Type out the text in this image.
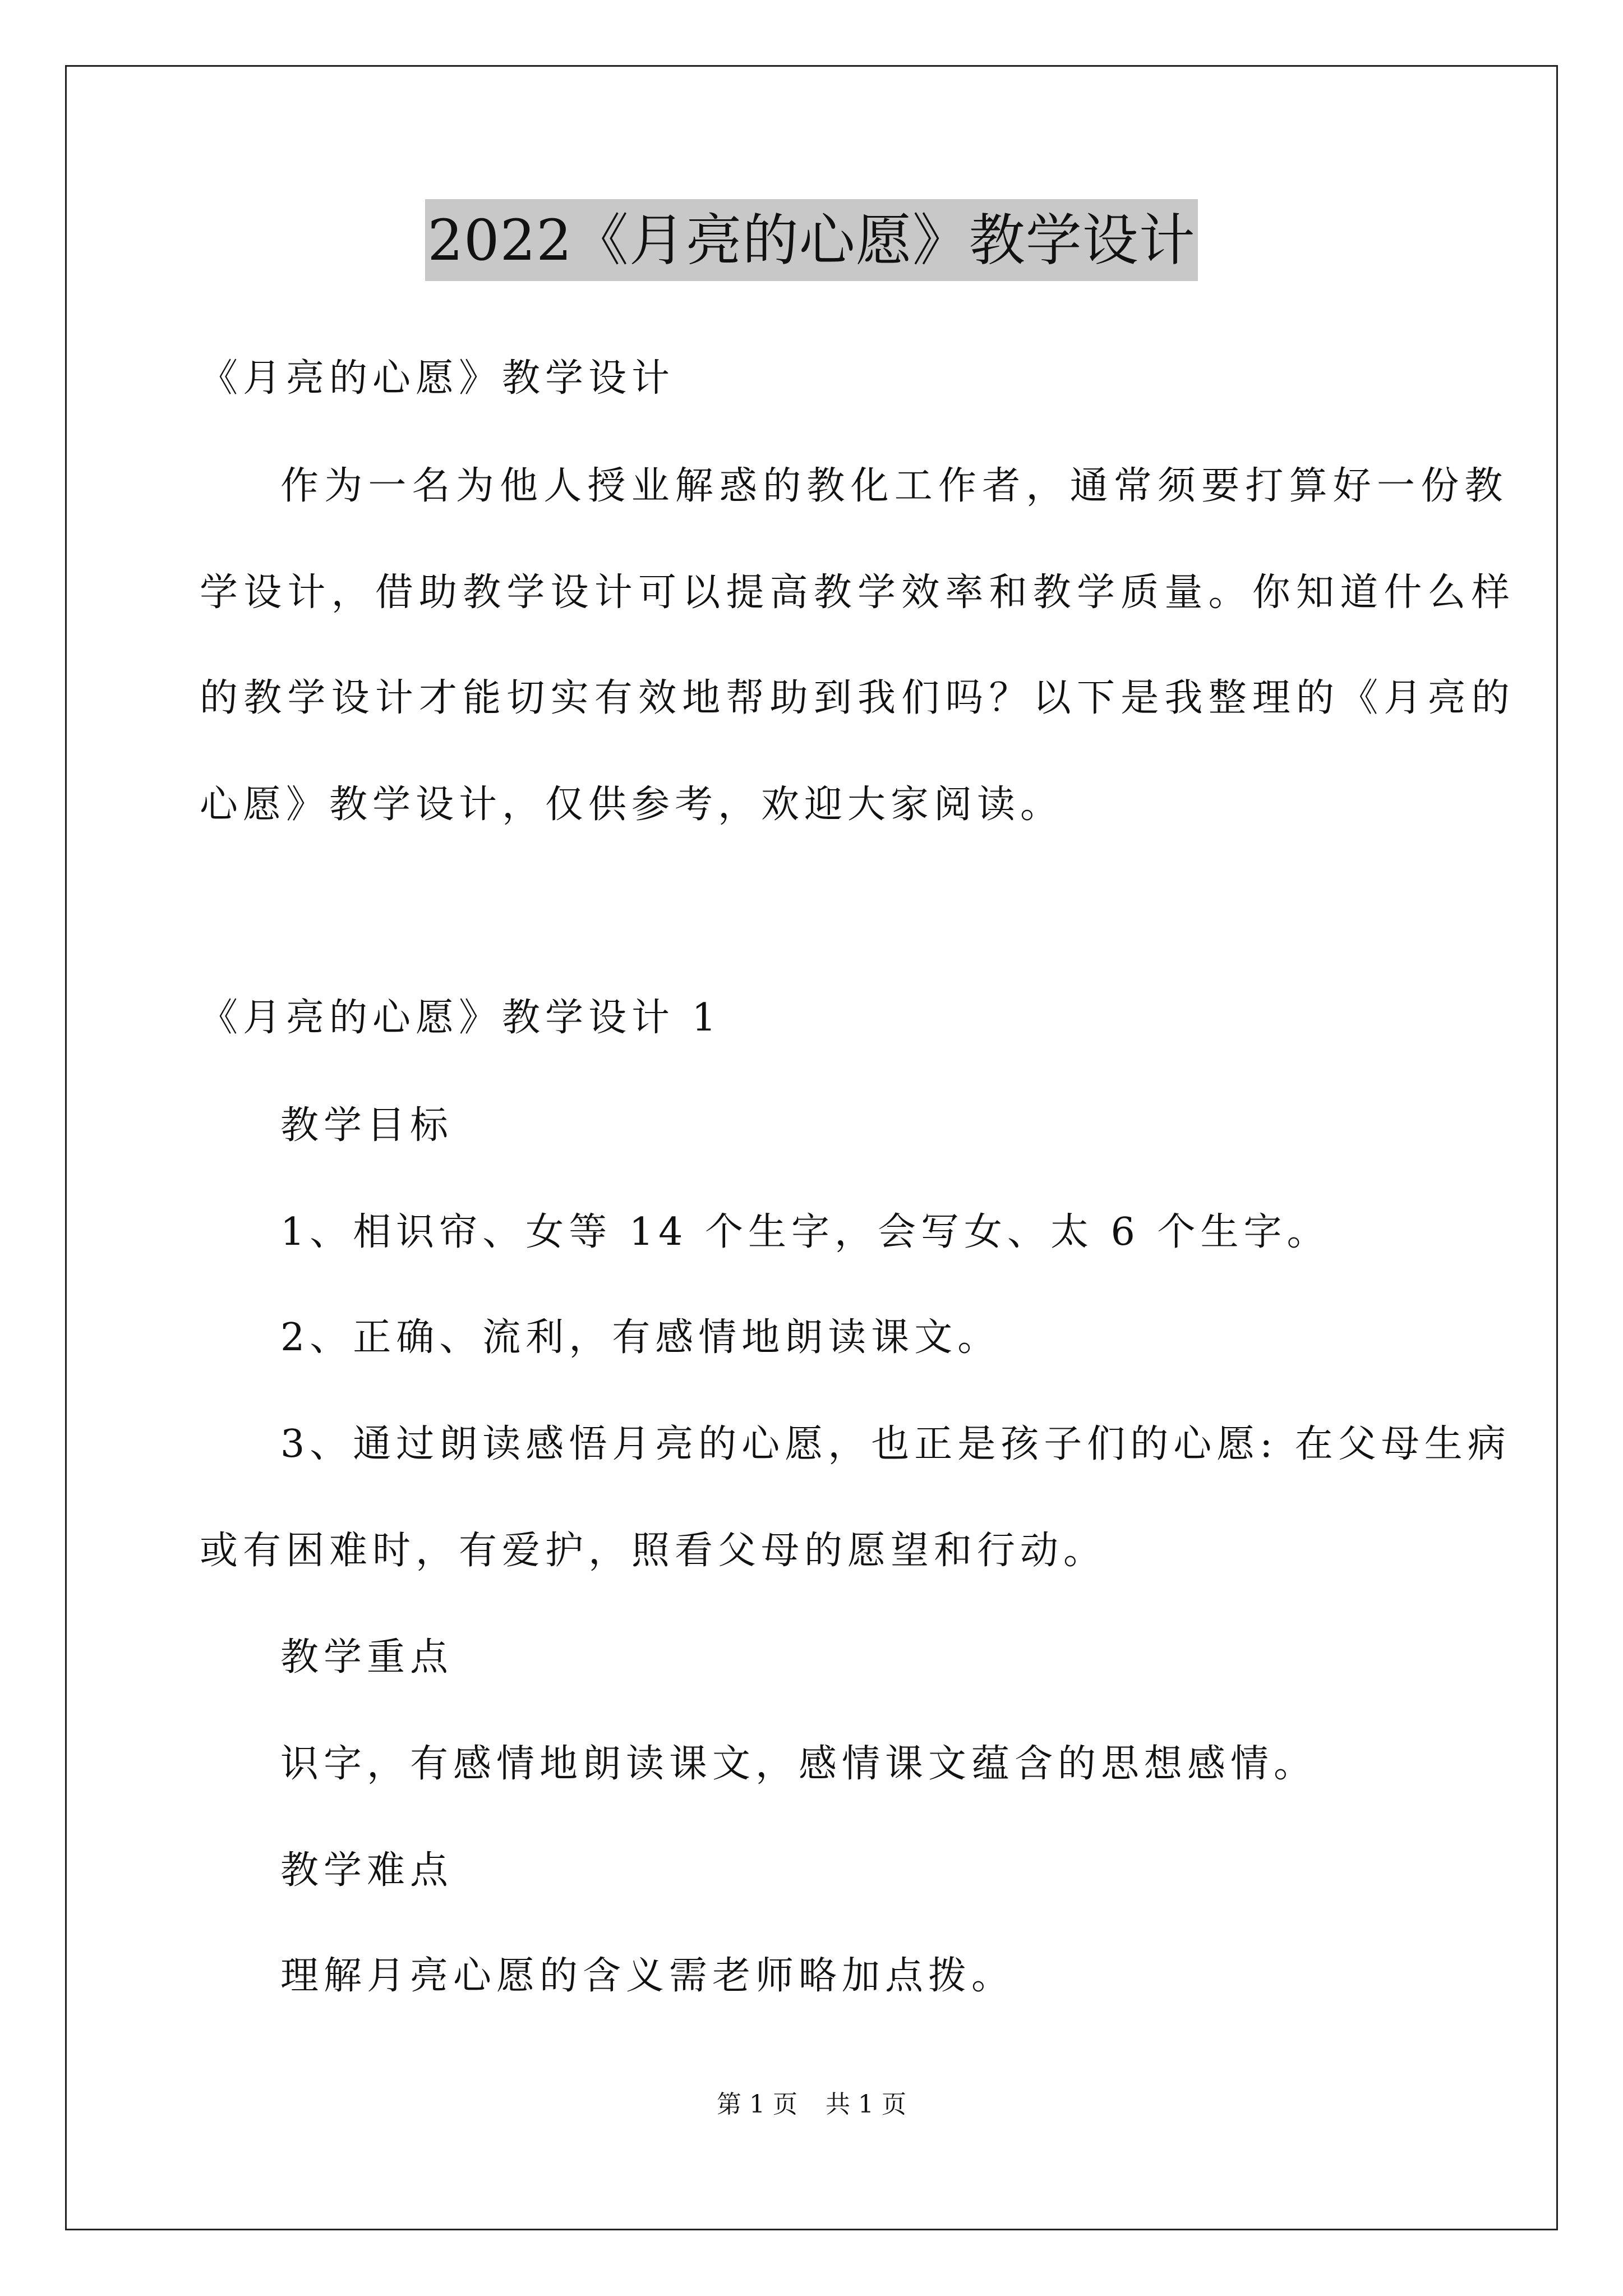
2022《月亮的心愿》教学设计
《月亮的心愿》教学设计
作为一名为他人授业解惑的教化工作者，通常须要打算好一份教
学设计，借助教学设计可以提高教学效率和教学质量。你知道什么样
的教学设计才能切实有效地帮助到我们吗？以下是我整理的《月亮的
心愿》教学设计，仅供参考，欢迎大家阅读。
《月亮的心愿》教学设计 1
教学目标
1、相识帘、女等 14 个生字，会写女、太 6 个生字。
2、正确、流利，有感情地朗读课文。
3、通过朗读感悟月亮的心愿，也正是孩子们的心愿: 在父母生病
或有困难时，有爱护，照看父母的愿望和行动。
教学重点
识字，有感情地朗读课文，感情课文蕴含的思想感情。
教学难点
理解月亮心愿的含义需老师略加点拨。
第 1 页 共 1 页
